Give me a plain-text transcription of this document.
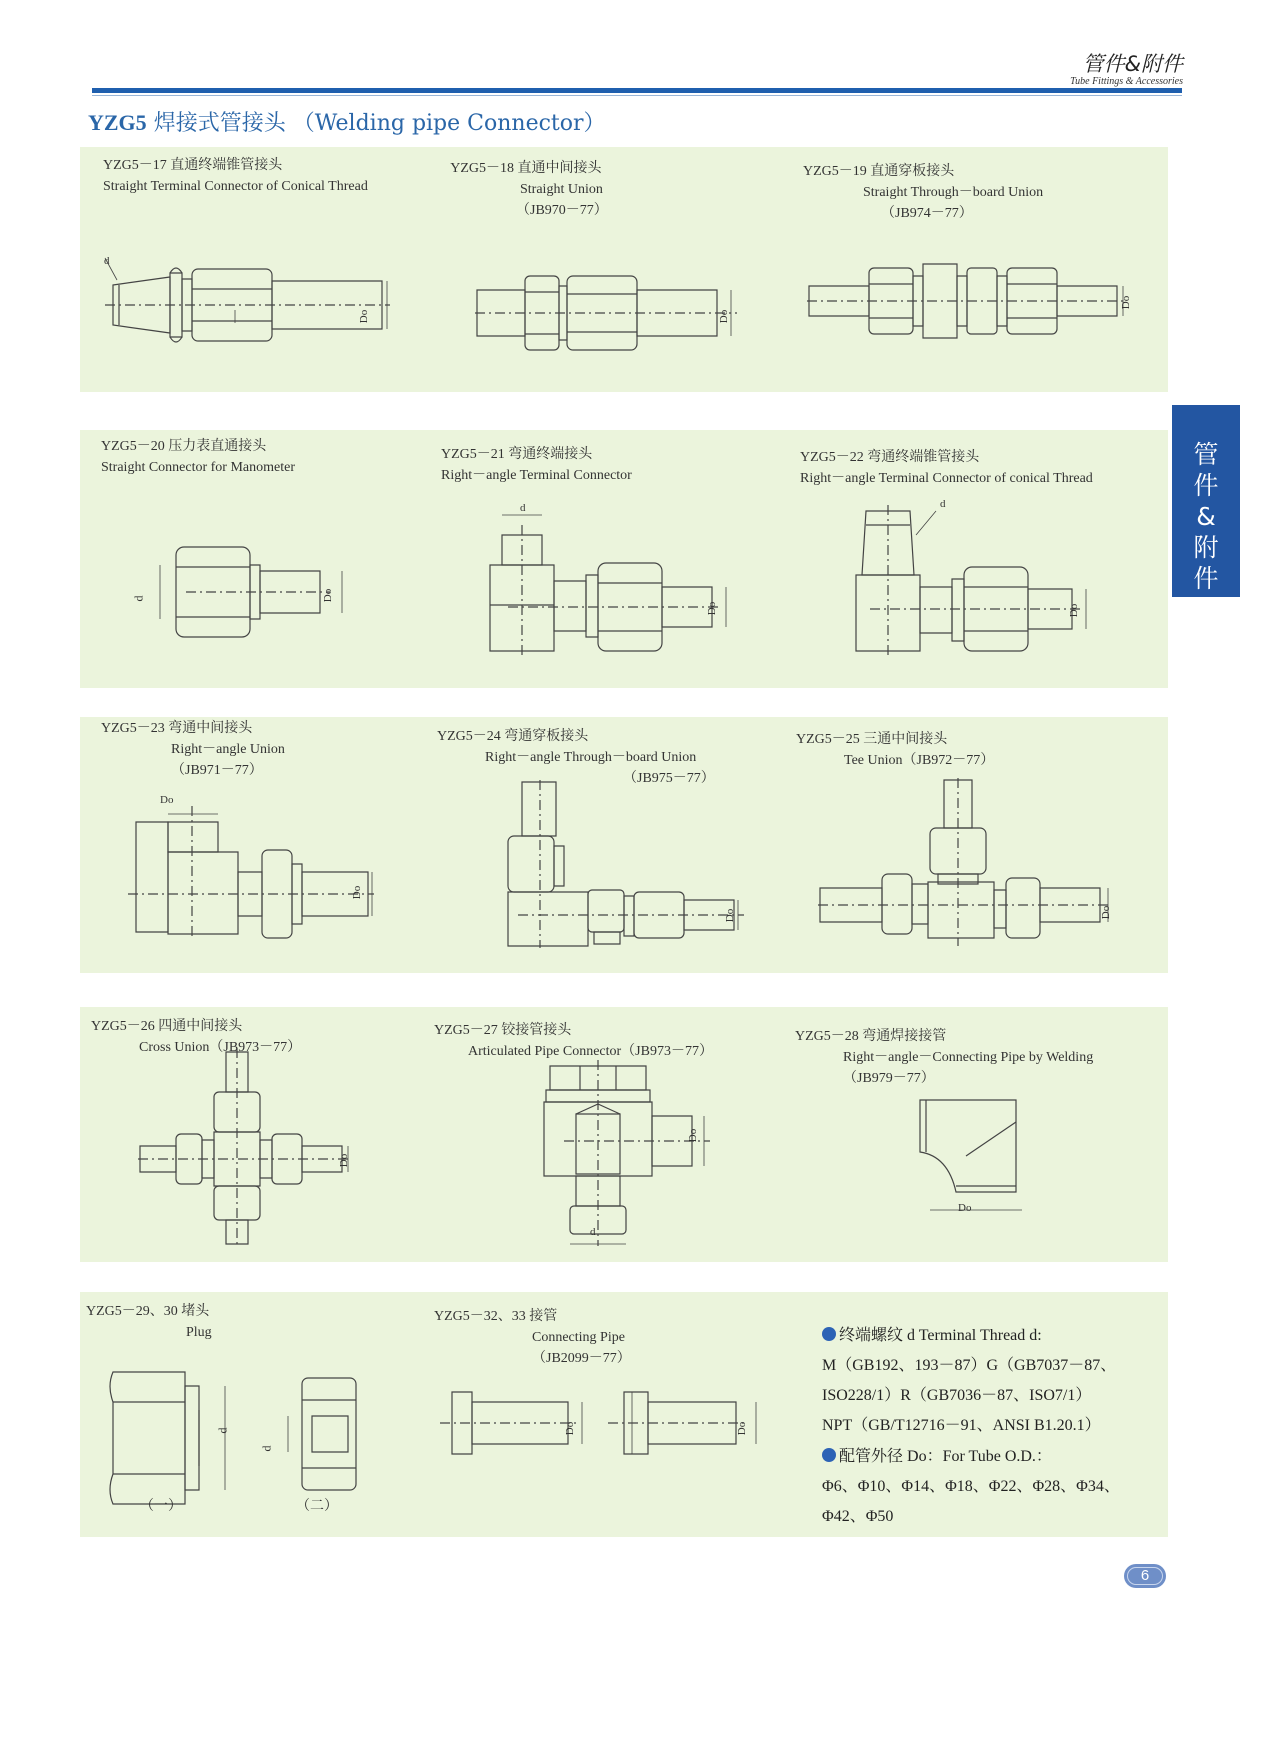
管件&附件
Tube Fittings & Accessories
YZG5 焊接式管接头 （Welding pipe Connector）
管
件
&
附
件
YZG5－17 直通终端锥管接头
Straight Terminal Connector of Conical Thread
YZG5－18 直通中间接头
Straight Union
（JB970－77）
YZG5－19 直通穿板接头
Straight Through－board Union
（JB974－77）
d
Do	Do
Do
YZG5－20 压力表直通接头
Straight Connector for Manometer
YZG5－21 弯通终端接头
Right－angle Terminal Connector
YZG5－22 弯通终端锥管接头
Right－angle Terminal Connector of conical Thread
d	Do
d
Do
d
Do
YZG5－23 弯通中间接头
Right－angle Union
（JB971－77）
YZG5－24 弯通穿板接头
Right－angle Through－board Union
（JB975－77）
YZG5－25 三通中间接头
Tee Union（JB972－77）
Do
Do
Do	Do
YZG5－26 四通中间接头
Cross Union（JB973－77）
YZG5－27 铰接管接头
Articulated Pipe Connector（JB973－77）
YZG5－28 弯通焊接接管
Right－angle－Connecting Pipe by Welding
（JB979－77）
Do
Do
d
Do
YZG5－29、30 堵头
Plug
YZG5－32、33 接管
Connecting Pipe
（JB2099－77）
d
（一）
d
（二）
Do	Do
终端螺纹 d Terminal Thread d:
M（GB192、193－87）G（GB7037－87、
ISO228/1）R（GB7036－87、ISO7/1）
NPT（GB/T12716－91、ANSI B1.20.1）
配管外径 Do：For Tube O.D.：
Φ6、Φ10、Φ14、Φ18、Φ22、Φ28、Φ34、
Φ42、Φ50
6
